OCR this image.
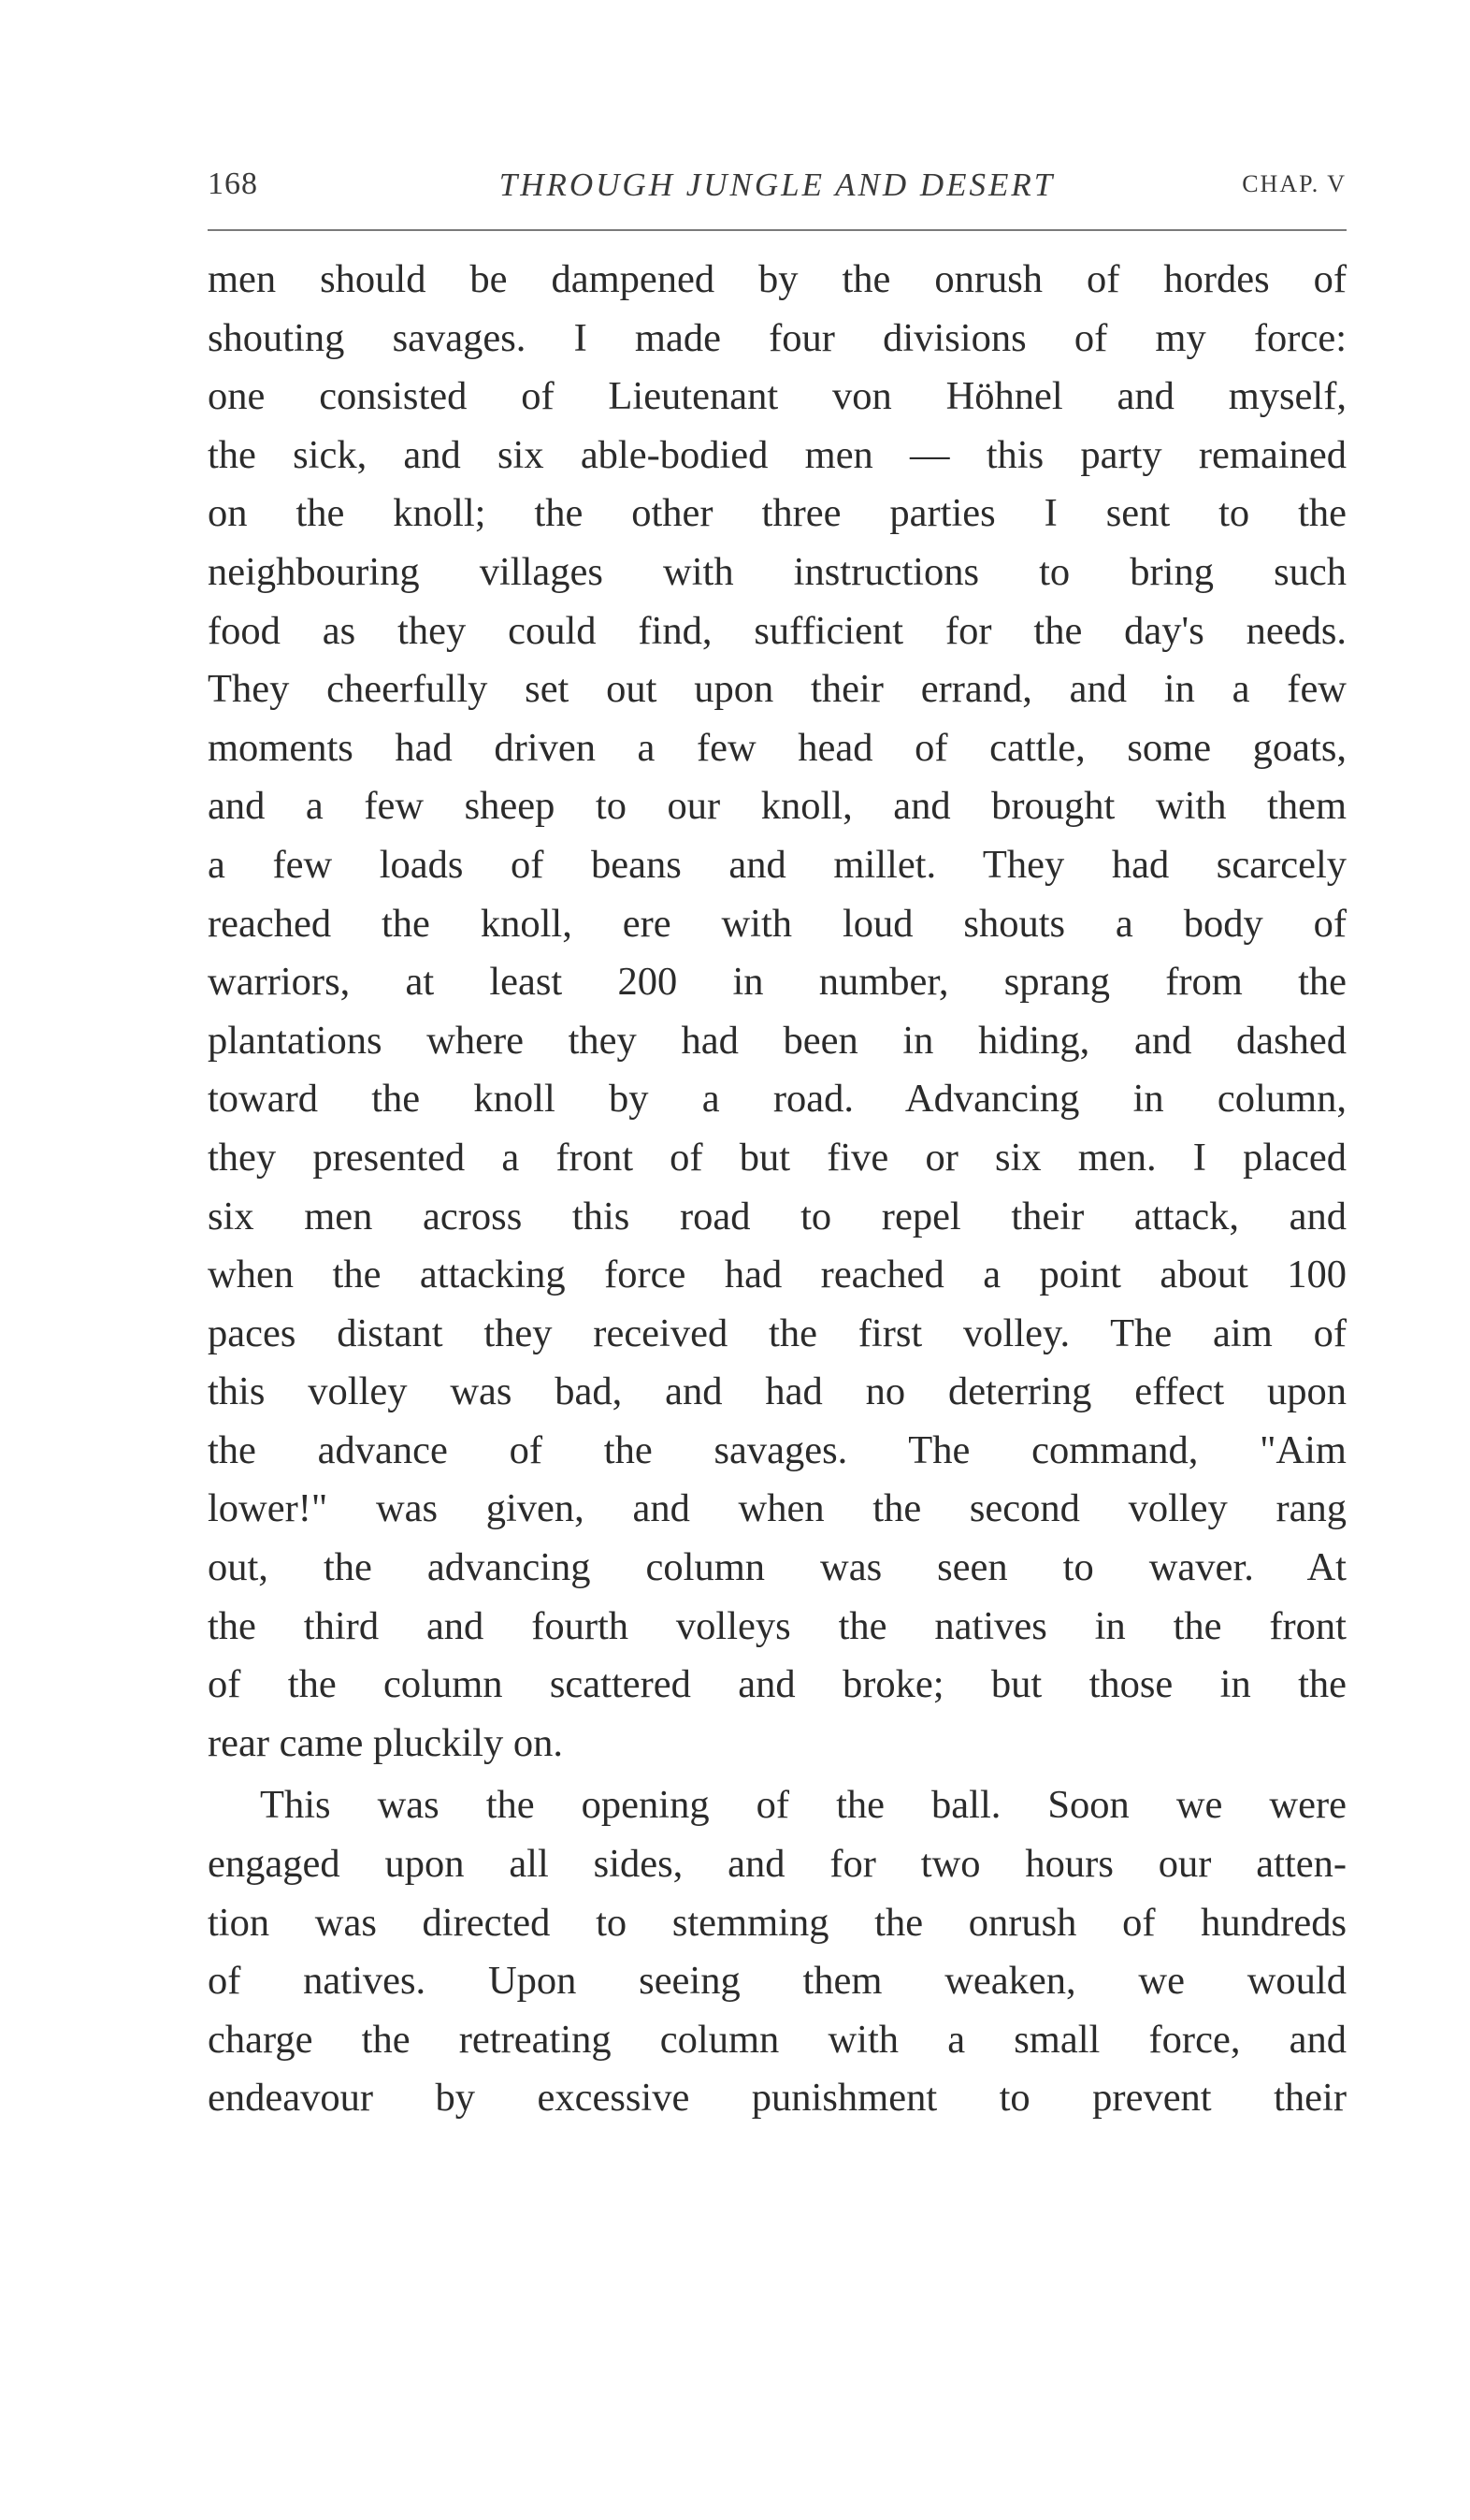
168	THROUGH JUNGLE AND DESERT	CHAP. V
men should be dampened by the onrush of hordes of
shouting savages. I made four divisions of my force:
one consisted of Lieutenant von Höhnel and myself,
the sick, and six able-bodied men — this party remained
on the knoll; the other three parties I sent to the
neighbouring villages with instructions to bring such
food as they could find, sufficient for the day's needs.
They cheerfully set out upon their errand, and in a few
moments had driven a few head of cattle, some goats,
and a few sheep to our knoll, and brought with them
a few loads of beans and millet. They had scarcely
reached the knoll, ere with loud shouts a body of
warriors, at least 200 in number, sprang from the
plantations where they had been in hiding, and dashed
toward the knoll by a road. Advancing in column,
they presented a front of but five or six men. I placed
six men across this road to repel their attack, and
when the attacking force had reached a point about 100
paces distant they received the first volley. The aim of
this volley was bad, and had no deterring effect upon
the advance of the savages. The command, "Aim
lower!" was given, and when the second volley rang
out, the advancing column was seen to waver. At
the third and fourth volleys the natives in the front
of the column scattered and broke; but those in the
rear came pluckily on.
This was the opening of the ball. Soon we were
engaged upon all sides, and for two hours our atten-
tion was directed to stemming the onrush of hundreds
of natives. Upon seeing them weaken, we would
charge the retreating column with a small force, and
endeavour by excessive punishment to prevent their
